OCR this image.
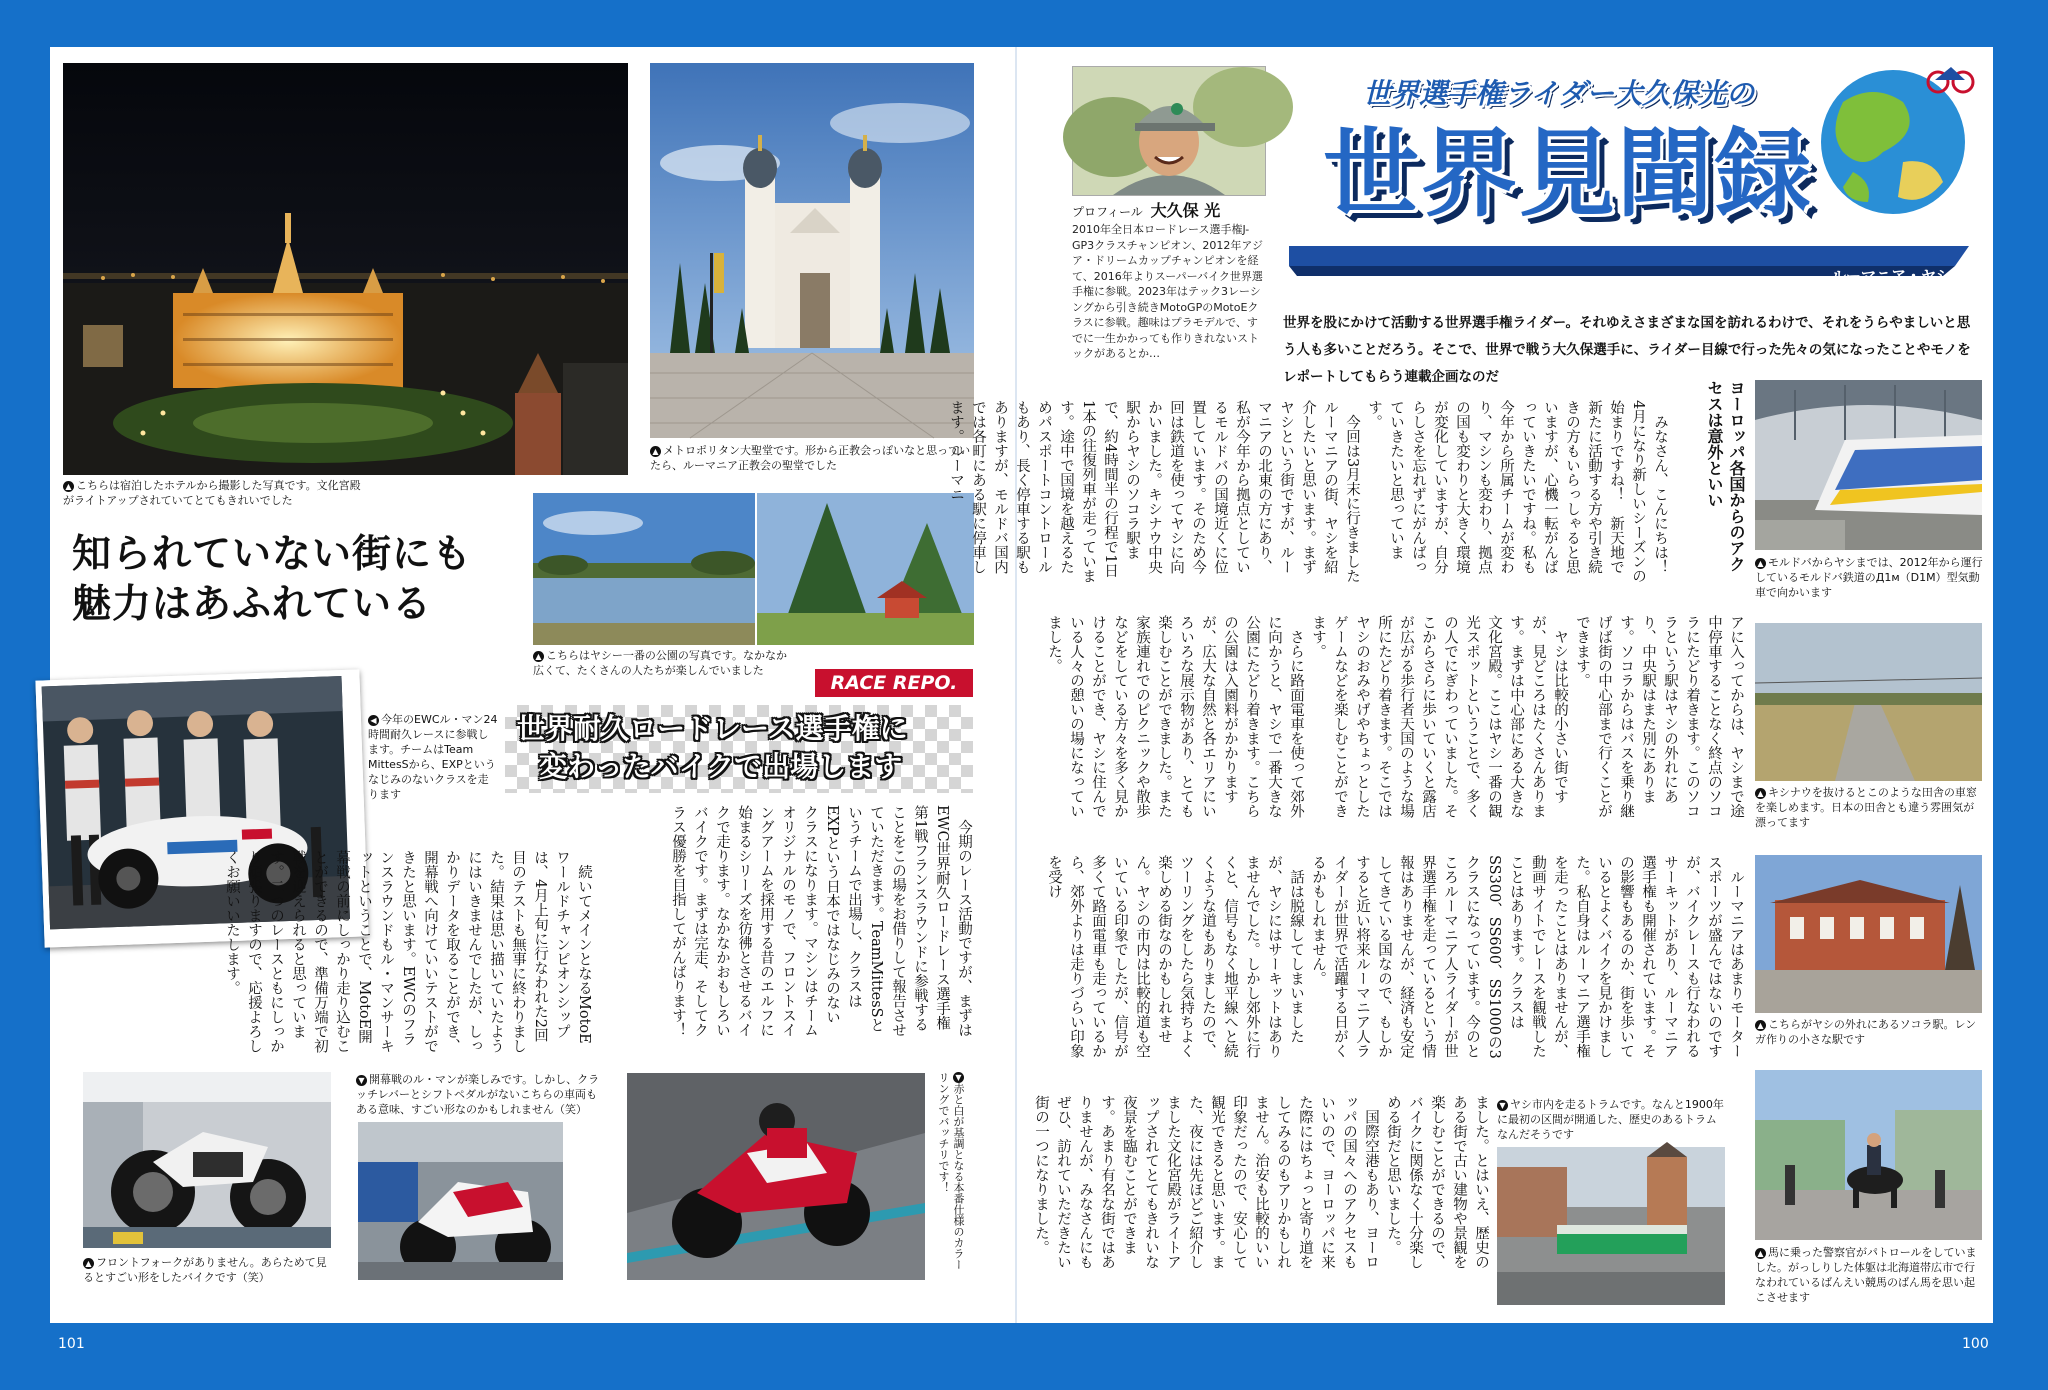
▲ こちらは宿泊したホテルから撮影した写真です。文化宮殿がライトアップされていてとてもきれいでした
▲ メトロポリタン大聖堂です。形から正教会っぽいなと思っていたら、ルーマニア正教会の聖堂でした
▲ こちらはヤシー一番の公園の写真です。なかなか広くて、たくさんの人たちが楽しんでいました
知られていない街にも
魅力はあふれている
◀ 今年のEWCル・マン24時間耐久レースに参戦します。チームはTeam MittesSから、EXPというなじみのないクラスを走ります
RACE REPO.
世界耐久ロードレース選手権に
変わったバイクで出場します
　今期のレース活動ですが、まずはEWC世界耐久ロードレース選手権第1戦フランスラウンドに参戦することをこの場をお借りして報告させていただきます。TeamMittesSというチームで出場し、クラスはEXPという日本ではなじみのないクラスになります。マシンはチームオリジナルのモノで、フロントスイングアームを採用する昔のエルフに始まるシリーズを彷彿とさせるバイクで走ります。なかなかおもしろいバイクです。まずは完走、そしてクラス優勝を目指してがんばります！
　続いてメインとなるMotoEワールドチャンピオンシップは、4月上旬に行なわれた2回目のテストも無事に終わりました。結果は思い描いていたようにはいきませんでしたが、しっかりデータを取ることができ、開幕戦へ向けていいテストができたと思います。EWCのフランスラウンドもル・マンサーキットということで、MotoE開幕戦の前にしっかり走り込むことができるので、準備万端で初戦を迎えられると思っています。二つのレースともにしっかり頑張りますので、応援よろしくお願いいたします。
▲ フロントフォークがありません。あらためて見るとすごい形をしたバイクです（笑）
▼ 開幕戦のル・マンが楽しみです。しかし、クラッチレバーとシフトペダルがないこちらの車両もある意味、すごい形なのかもしれません（笑）
▼赤と白が基調となる本番仕様のカラーリングでバッチリです！
101
プロフィール 大久保 光
2010年全日本ロードレース選手権J-GP3クラスチャンピオン、2012年アジア・ドリームカップチャンピオンを経て、2016年よりスーパーバイク世界選手権に参戦。2023年はテック3レーシングから引き続きMotoGPのMotoEクラスに参戦。趣味はプラモデルで、すでに一生かかっても作りきれないストックがあるとか…
世界選手権ライダー大久保光の
世界見聞録
ルーマニア・ヤシ編
世界を股にかけて活動する世界選手権ライダー。それゆえさまざまな国を訪れるわけで、それをうらやましいと思う人も多いことだろう。そこで、世界で戦う大久保選手に、ライダー目線で行った先々の気になったことやモノをレポートしてもらう連載企画なのだ
ヨーロッパ各国からのアクセスは意外といい
　みなさん、こんにちは！　4月になり新しいシーズンの始まりですね！　新天地で新たに活動する方や引き続きの方もいらっしゃると思いますが、心機一転がんばっていきたいですね。私も今年から所属チームが変わり、マシンも変わり、拠点の国も変わりと大きく環境が変化していますが、自分らしさを忘れずにがんばっていきたいと思っています。
　今回は3月末に行きましたルーマニアの街、ヤシを紹介したいと思います。まずヤシという街ですが、ルーマニアの北東の方にあり、私が今年から拠点としているモルドバの国境近くに位置しています。そのため今回は鉄道を使ってヤシに向かいました。キシナウ中央駅からヤシのソコラ駅まで、約4時間半の行程で1日1本の往復列車が走っています。途中で国境を越えるためパスポートコントロールもあり、長く停車する駅もありますが、モルドバ国内では各町にある駅に停車します。ルーマニ
アに入ってからは、ヤシまで途中停車することなく終点のソコラにたどり着きます。このソコラという駅はヤシの外れにあり、中央駅はまた別にあります。ソコラからはバスを乗り継げば街の中心部まで行くことができます。
　ヤシは比較的小さい街ですが、見どころはたくさんあります。まずは中心部にある大きな文化宮殿。ここはヤシ一番の観光スポットということで、多くの人でにぎわっていました。そこからさらに歩いていくと露店が広がる歩行者天国のような場所にたどり着きます。そこではヤシのおみやげやちょっとしたゲームなどを楽しむことができます。
　さらに路面電車を使って郊外に向かうと、ヤシで一番大きな公園にたどり着きます。こちらの公園は入園料がかかりますが、広大な自然と各エリアにいろいろな展示物があり、とても楽しむことができました。また家族連れでのピクニックや散歩などをしている方々を多く見かけることができ、ヤシに住んでいる人々の憩いの場になっていました。
　ルーマニアはあまりモータースポーツが盛んではないのですが、バイクレースも行なわれるサーキットがあり、ルーマニア選手権も開催されています。その影響もあるのか、街を歩いているとよくバイクを見かけました。私自身はルーマニア選手権を走ったことはありませんが、動画サイトでレースを観戦したことはあります。クラスはSS300、SS600、SS1000の3クラスになっています。今のところルーマニア人ライダーが世界選手権を走っているという情報はありませんが、経済も安定してきている国なので、もしかすると近い将来ルーマニア人ライダーが世界で活躍する日がくるかもしれません。
　話は脱線してしまいましたが、ヤシにはサーキットはありませんでした。しかし郊外に行くと、信号もなく地平線へと続くような道もありましたので、ツーリングをしたら気持ちよく楽しめる街なのかもしれません。ヤシの市内は比較的道も空いている印象でしたが、信号が多くて路面電車も走っているから、郊外よりは走りづらい印象を受け
ました。とはいえ、歴史のある街で古い建物や景観を楽しむことができるので、バイクに関係なく十分楽しめる街だと思いました。
　国際空港もあり、ヨーロッパの国々へのアクセスもいいので、ヨーロッパに来た際にはちょっと寄り道をしてみるのもアリかもしれません。治安も比較的いい印象だったので、安心して観光できると思います。また、夜には先ほどご紹介しました文化宮殿がライトアップされてとてもきれいな夜景を臨むことができます。あまり有名な街ではありませんが、みなさんにもぜひ、訪れていただきたい街の一つになりました。	▼ ヤシ市内を走るトラムです。なんと1900年に最初の区間が開通した、歴史のあるトラムなんだそうです
▲ モルドバからヤシまでは、2012年から運行しているモルドバ鉄道のД1м（D1M）型気動車で向かいます
▲ キシナウを抜けるとこのような田舎の車窓を楽しめます。日本の田舎とも違う雰囲気が漂ってます
▲ こちらがヤシの外れにあるソコラ駅。レンガ作りの小さな駅です
▲ 馬に乗った警察官がパトロールをしていました。がっしりした体躯は北海道帯広市で行なわれているばんえい競馬のばん馬を思い起こさせます
100
